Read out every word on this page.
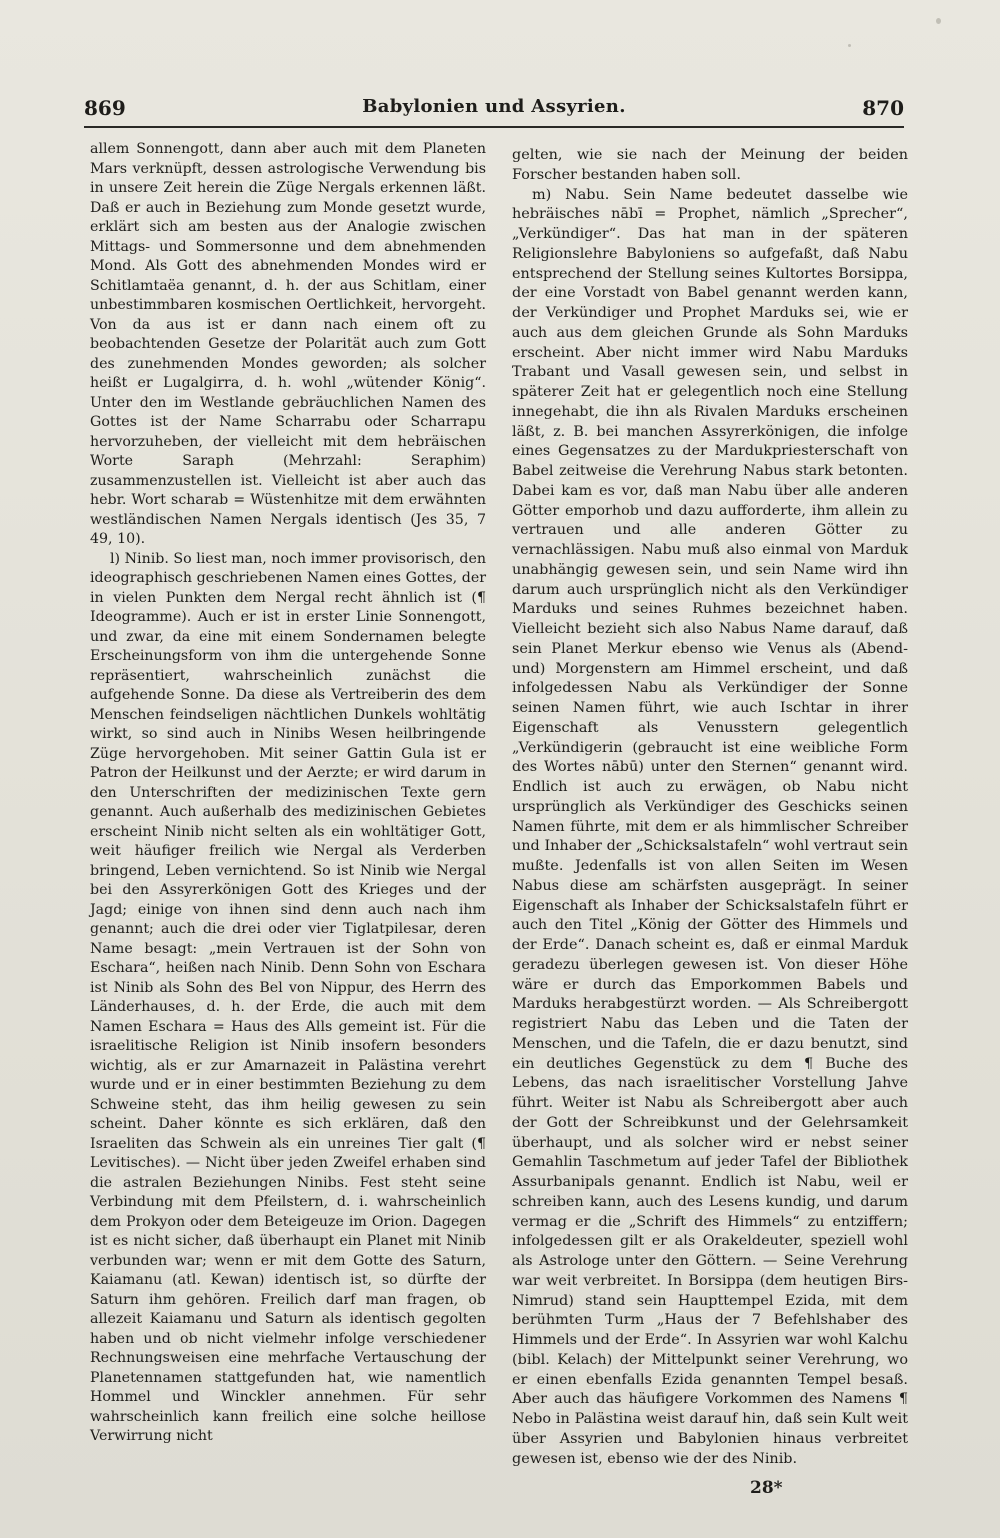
869	Babylonien und Assyrien.	870

allem Sonnengott, dann aber auch mit dem Planeten Mars verknüpft, dessen astrologische Verwendung bis in unsere Zeit herein die Züge Nergals erkennen läßt. Daß er auch in Beziehung zum Monde gesetzt wurde, erklärt sich am besten aus der Analogie zwischen Mittags- und Sommersonne und dem abnehmenden Mond. Als Gott des abnehmenden Mondes wird er Schitlamtaëa genannt, d. h. der aus Schitlam, einer unbestimmbaren kosmischen Oertlichkeit, hervorgeht. Von da aus ist er dann nach einem oft zu beobachtenden Gesetze der Polarität auch zum Gott des zunehmenden Mondes geworden; als solcher heißt er Lugalgirra, d. h. wohl „wütender König“. Unter den im Westlande gebräuchlichen Namen des Gottes ist der Name Scharrabu oder Scharrapu hervorzuheben, der vielleicht mit dem hebräischen Worte Saraph (Mehrzahl: Seraphim) zusammenzustellen ist. Vielleicht ist aber auch das hebr. Wort scharab = Wüstenhitze mit dem erwähnten westländischen Namen Nergals identisch (Jes 35, 7 49, 10).

l) Ninib. So liest man, noch immer provisorisch, den ideographisch geschriebenen Namen eines Gottes, der in vielen Punkten dem Nergal recht ähnlich ist (¶ Ideogramme). Auch er ist in erster Linie Sonnengott, und zwar, da eine mit einem Sondernamen belegte Erscheinungsform von ihm die untergehende Sonne repräsentiert, wahrscheinlich zunächst die aufgehende Sonne. Da diese als Vertreiberin des dem Menschen feindseligen nächtlichen Dunkels wohltätig wirkt, so sind auch in Ninibs Wesen heilbringende Züge hervorgehoben. Mit seiner Gattin Gula ist er Patron der Heilkunst und der Aerzte; er wird darum in den Unterschriften der medizinischen Texte gern genannt. Auch außerhalb des medizinischen Gebietes erscheint Ninib nicht selten als ein wohltätiger Gott, weit häufiger freilich wie Nergal als Verderben bringend, Leben vernichtend. So ist Ninib wie Nergal bei den Assyrerkönigen Gott des Krieges und der Jagd; einige von ihnen sind denn auch nach ihm genannt; auch die drei oder vier Tiglatpilesar, deren Name besagt: „mein Vertrauen ist der Sohn von Eschara“, heißen nach Ninib. Denn Sohn von Eschara ist Ninib als Sohn des Bel von Nippur, des Herrn des Länderhauses, d. h. der Erde, die auch mit dem Namen Eschara = Haus des Alls gemeint ist. Für die israelitische Religion ist Ninib insofern besonders wichtig, als er zur Amarnazeit in Palästina verehrt wurde und er in einer bestimmten Beziehung zu dem Schweine steht, das ihm heilig gewesen zu sein scheint. Daher könnte es sich erklären, daß den Israeliten das Schwein als ein unreines Tier galt (¶ Levitisches). — Nicht über jeden Zweifel erhaben sind die astralen Beziehungen Ninibs. Fest steht seine Verbindung mit dem Pfeilstern, d. i. wahrscheinlich dem Prokyon oder dem Beteigeuze im Orion. Dagegen ist es nicht sicher, daß überhaupt ein Planet mit Ninib verbunden war; wenn er mit dem Gotte des Saturn, Kaiamanu (atl. Kewan) identisch ist, so dürfte der Saturn ihm gehören. Freilich darf man fragen, ob allezeit Kaiamanu und Saturn als identisch gegolten haben und ob nicht vielmehr infolge verschiedener Rechnungsweisen eine mehrfache Vertauschung der Planetennamen stattgefunden hat, wie namentlich Hommel und Winckler annehmen. Für sehr wahrscheinlich kann freilich eine solche heillose Verwirrung nicht

gelten, wie sie nach der Meinung der beiden Forscher bestanden haben soll.

m) Nabu. Sein Name bedeutet dasselbe wie hebräisches nābī = Prophet, nämlich „Sprecher“, „Verkündiger“. Das hat man in der späteren Religionslehre Babyloniens so aufgefaßt, daß Nabu entsprechend der Stellung seines Kultortes Borsippa, der eine Vorstadt von Babel genannt werden kann, der Verkündiger und Prophet Marduks sei, wie er auch aus dem gleichen Grunde als Sohn Marduks erscheint. Aber nicht immer wird Nabu Marduks Trabant und Vasall gewesen sein, und selbst in späterer Zeit hat er gelegentlich noch eine Stellung innegehabt, die ihn als Rivalen Marduks erscheinen läßt, z. B. bei manchen Assyrerkönigen, die infolge eines Gegensatzes zu der Mardukpriesterschaft von Babel zeitweise die Verehrung Nabus stark betonten. Dabei kam es vor, daß man Nabu über alle anderen Götter emporhob und dazu aufforderte, ihm allein zu vertrauen und alle anderen Götter zu vernachlässigen. Nabu muß also einmal von Marduk unabhängig gewesen sein, und sein Name wird ihn darum auch ursprünglich nicht als den Verkündiger Marduks und seines Ruhmes bezeichnet haben. Vielleicht bezieht sich also Nabus Name darauf, daß sein Planet Merkur ebenso wie Venus als (Abend- und) Morgenstern am Himmel erscheint, und daß infolgedessen Nabu als Verkündiger der Sonne seinen Namen führt, wie auch Ischtar in ihrer Eigenschaft als Venusstern gelegentlich „Verkündigerin (gebraucht ist eine weibliche Form des Wortes nābū) unter den Sternen“ genannt wird. Endlich ist auch zu erwägen, ob Nabu nicht ursprünglich als Verkündiger des Geschicks seinen Namen führte, mit dem er als himmlischer Schreiber und Inhaber der „Schicksalstafeln“ wohl vertraut sein mußte. Jedenfalls ist von allen Seiten im Wesen Nabus diese am schärfsten ausgeprägt. In seiner Eigenschaft als Inhaber der Schicksalstafeln führt er auch den Titel „König der Götter des Himmels und der Erde“. Danach scheint es, daß er einmal Marduk geradezu überlegen gewesen ist. Von dieser Höhe wäre er durch das Emporkommen Babels und Marduks herabgestürzt worden. — Als Schreibergott registriert Nabu das Leben und die Taten der Menschen, und die Tafeln, die er dazu benutzt, sind ein deutliches Gegenstück zu dem ¶ Buche des Lebens, das nach israelitischer Vorstellung Jahve führt. Weiter ist Nabu als Schreibergott aber auch der Gott der Schreibkunst und der Gelehrsamkeit überhaupt, und als solcher wird er nebst seiner Gemahlin Taschmetum auf jeder Tafel der Bibliothek Assurbanipals genannt. Endlich ist Nabu, weil er schreiben kann, auch des Lesens kundig, und darum vermag er die „Schrift des Himmels“ zu entziffern; infolgedessen gilt er als Orakeldeuter, speziell wohl als Astrologe unter den Göttern. — Seine Verehrung war weit verbreitet. In Borsippa (dem heutigen Birs-Nimrud) stand sein Haupttempel Ezida, mit dem berühmten Turm „Haus der 7 Befehlshaber des Himmels und der Erde“. In Assyrien war wohl Kalchu (bibl. Kelach) der Mittelpunkt seiner Verehrung, wo er einen ebenfalls Ezida genannten Tempel besaß. Aber auch das häufigere Vorkommen des Namens ¶ Nebo in Palästina weist darauf hin, daß sein Kult weit über Assyrien und Babylonien hinaus verbreitet gewesen ist, ebenso wie der des Ninib.

28*
